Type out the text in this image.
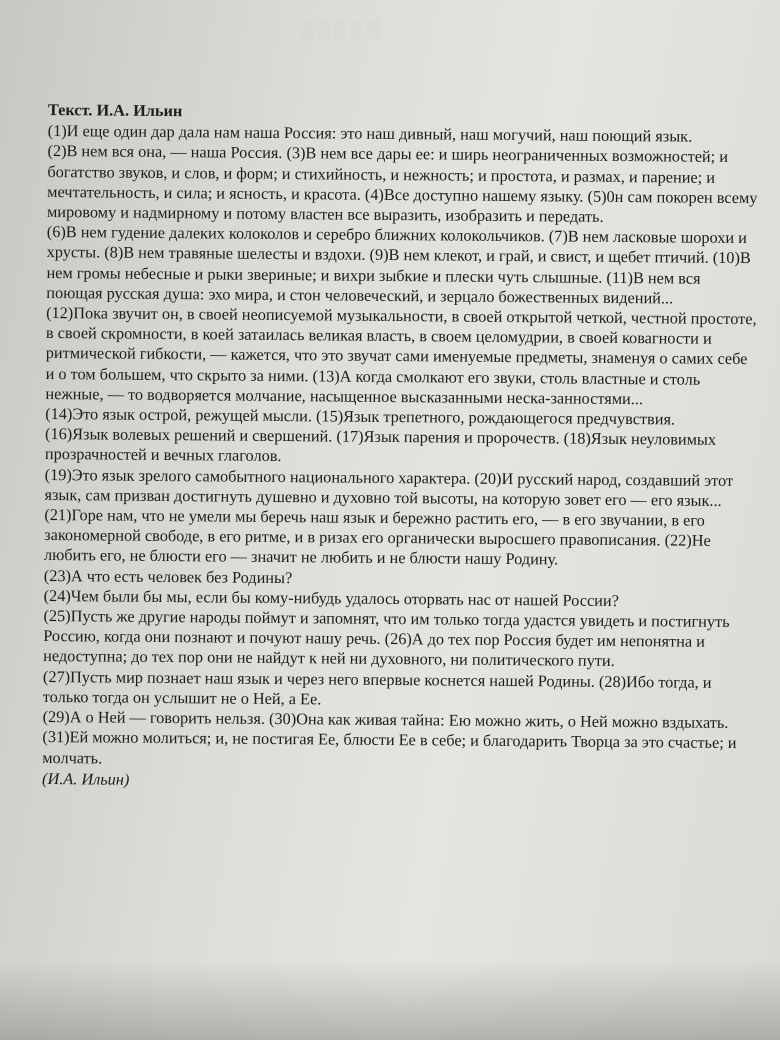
▒▒▒▒▒
Текст. И.А. Ильин

(1)И еще один дар дала нам наша Россия: это наш дивный, наш могучий, наш поющий язык.

(2)В нем вся она, — наша Россия. (3)В нем все дары ее: и ширь неограниченных возможностей; и богатство звуков, и слов, и форм; и стихийность, и нежность; и простота, и размах, и парение; и мечтательность, и сила; и ясность, и красота. (4)Все доступно нашему языку. (5)0н сам покорен всему мировому и надмирному и потому властен все выразить, изобразить и передать.

(6)В нем гудение далеких колоколов и серебро ближних колокольчиков. (7)В нем ласковые шорохи и хрусты. (8)В нем травяные шелесты и вздохи. (9)В нем клекот, и грай, и свист, и щебет птичий. (10)В нем громы небесные и рыки звериные; и вихри зыбкие и плески чуть слышные. (11)В нем вся поющая русская душа: эхо мира, и стон человеческий, и зерцало божественных видений...

(12)Пока звучит он, в своей неописуемой музыкальности, в своей открытой четкой, честной простоте, в своей скромности, в коей затаилась великая власть, в своем целомудрии, в своей ковагности и ритмической гибкости, — кажется, что это звучат сами именуемые предметы, знаменуя о самих себе и о том большем, что скрыто за ними. (13)А когда смолкают его звуки, столь властные и столь нежные, — то водворяется молчание, насыщенное высказанными неска-занностями...

(14)Это язык острой, режущей мысли. (15)Язык трепетного, рождающегося предчувствия.

(16)Язык волевых решений и свершений. (17)Язык парения и пророчеств. (18)Язык неуловимых прозрачностей и вечных глаголов.

(19)Это язык зрелого самобытного национального характера. (20)И русский народ, создавший этот язык, сам призван достигнуть душевно и духовно той высоты, на которую зовет его — его язык...

(21)Горе нам, что не умели мы беречь наш язык и бережно растить его, — в его звучании, в его закономерной свободе, в его ритме, и в ризах его органически выросшего правописания. (22)Не любить его, не блюсти его — значит не любить и не блюсти нашу Родину.

(23)А что есть человек без Родины?

(24)Чем были бы мы, если бы кому-нибудь удалось оторвать нас от нашей России?

(25)Пусть же другие народы поймут и запомнят, что им только тогда удастся увидеть и постигнуть Россию, когда они познают и почуют нашу речь. (26)А до тех пор Россия будет им непонятна и недоступна; до тех пор они не найдут к ней ни духовного, ни политического пути.

(27)Пусть мир познает наш язык и через него впервые коснется нашей Родины. (28)Ибо тогда, и только тогда он услышит не о Ней, а Ее.

(29)А о Ней — говорить нельзя. (30)Она как живая тайна: Ею можно жить, о Ней можно вздыхать. (31)Ей можно молиться; и, не постигая Ее, блюсти Ее в себе; и благодарить Творца за это счастье; и молчать.

(И.А. Ильин)
